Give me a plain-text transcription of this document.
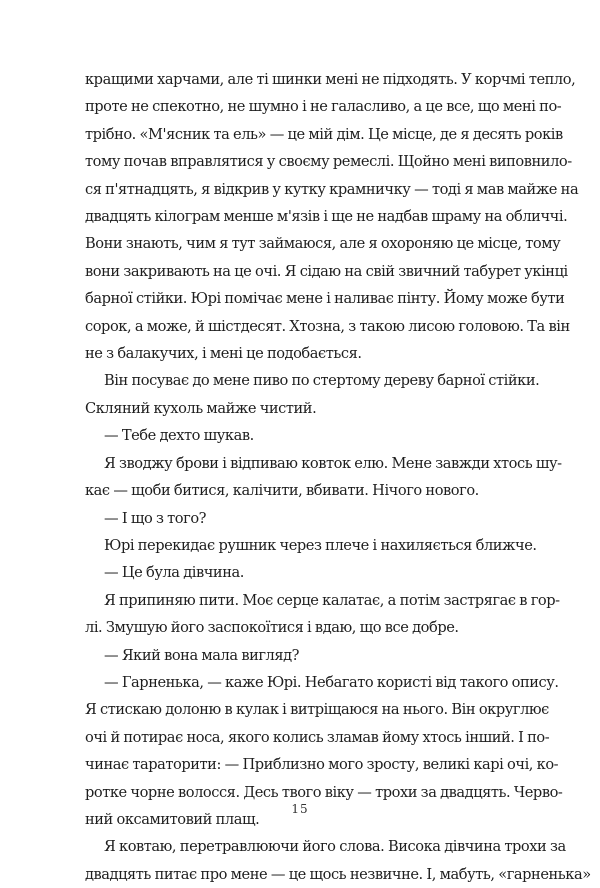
кращими харчами, але ті шинки мені не підходять. У корчмі тепло,
проте не спекотно, не шумно і не галасливо, а це все, що мені по-
трібно. «М'ясник та ель» — це мій дім. Це місце, де я десять років
тому почав вправлятися у своєму ремеслі. Щойно мені виповнило-
ся п'ятнадцять, я відкрив у кутку крамничку — тоді я мав майже на
двадцять кілограм менше м'язів і ще не надбав шраму на обличчі.
Вони знають, чим я тут займаюся, але я охороняю це місце, тому
вони закривають на це очі. Я сідаю на свій звичний табурет укінці
барної стійки. Юрі помічає мене і наливає пінту. Йому може бути
сорок, а може, й шістдесят. Хтозна, з такою лисою головою. Та він
не з балакучих, і мені це подобається.
Він посуває до мене пиво по стертому дереву барної стійки.
Скляний кухоль майже чистий.
— Тебе дехто шукав.
Я зводжу брови і відпиваю ковток елю. Мене завжди хтось шу-
кає — щоби битися, калічити, вбивати. Нічого нового.
— І що з того?
Юрі перекидає рушник через плече і нахиляється ближче.
— Це була дівчина.
Я припиняю пити. Моє серце калатає, а потім застрягає в гор-
лі. Змушую його заспокоїтися і вдаю, що все добре.
— Який вона мала вигляд?
— Гарненька, — каже Юрі. Небагато користі від такого опису.
Я стискаю долоню в кулак і витріщаюся на нього. Він округлює
очі й потирає носа, якого колись зламав йому хтось інший. І по-
чинає тараторити: — Приблизно мого зросту, великі карі очі, ко-
ротке чорне волосся. Десь твого віку — трохи за двадцять. Черво-
ний оксамитовий плащ.
Я ковтаю, перетравлюючи його слова. Висока дівчина трохи за
двадцять питає про мене — це щось незвичне. І, мабуть, «гарненька»
15
